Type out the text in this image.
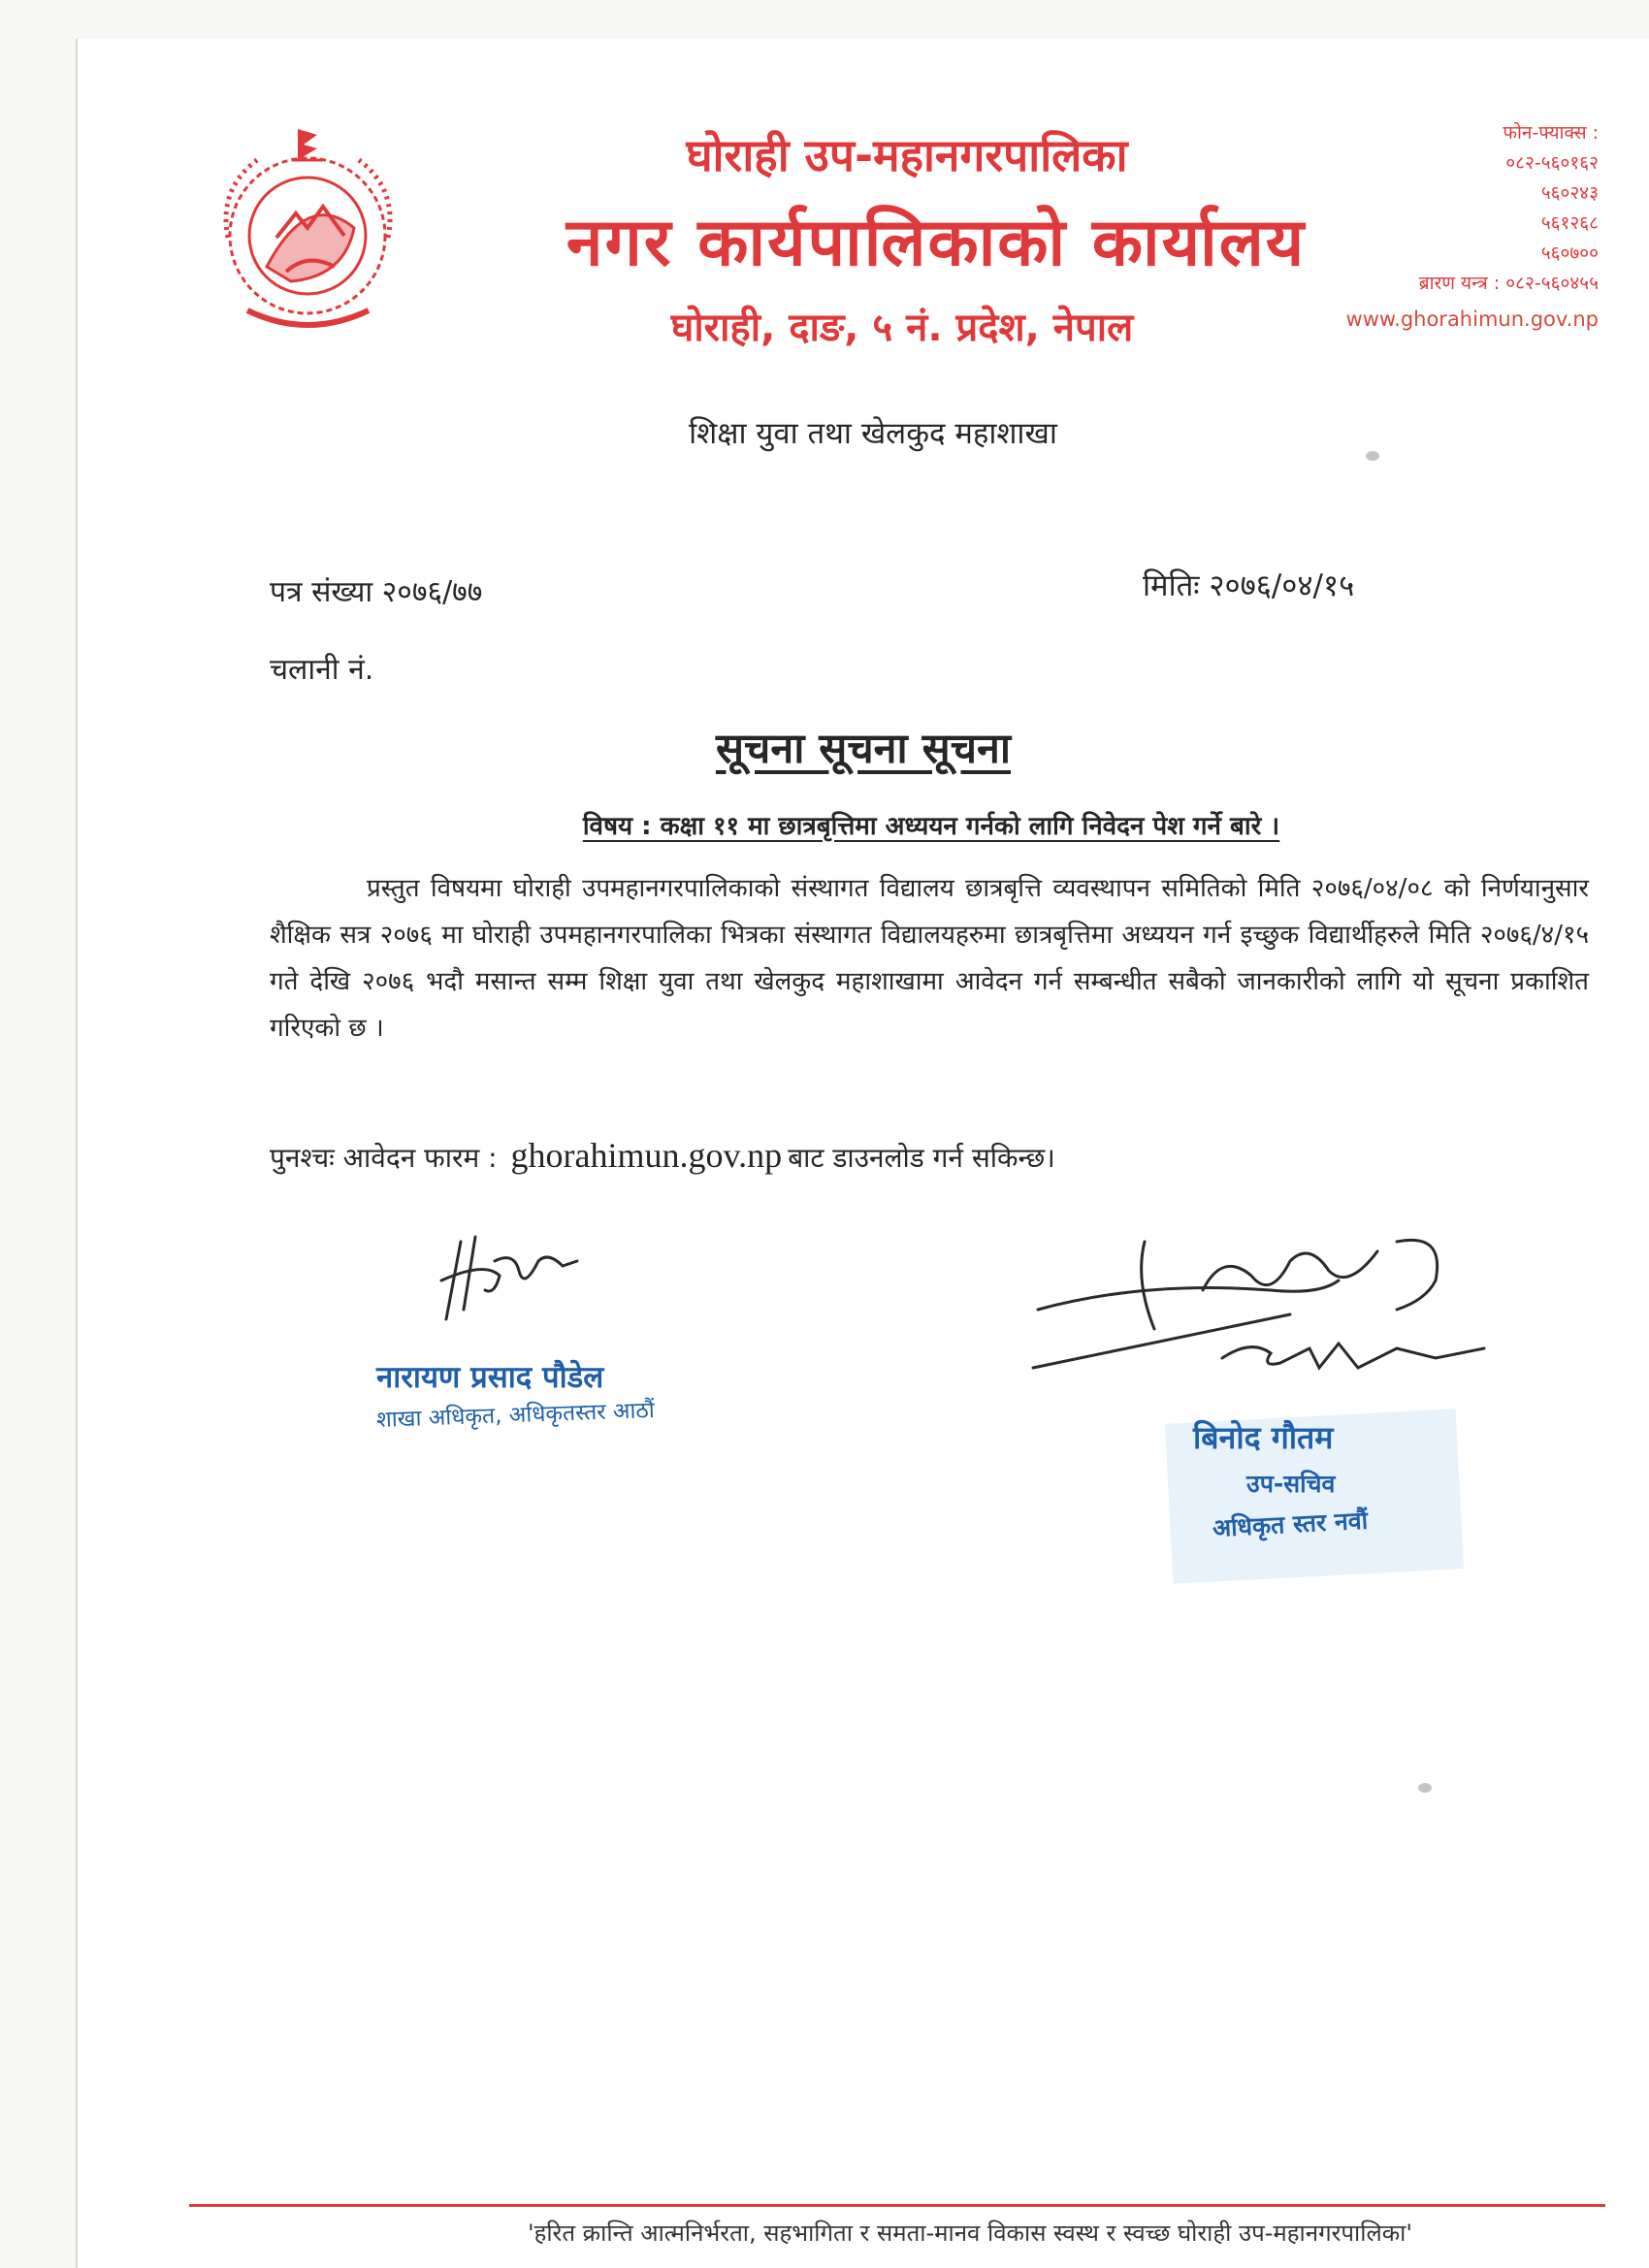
घोराही उप-महानगरपालिका
नगर कार्यपालिकाको कार्यालय
घोराही, दाङ, ५ नं. प्रदेश, नेपाल
फोन-फ्याक्स :
०८२-५६०१६२
५६०२४३
५६१२६८
५६०७००
ब्रारण यन्त्र : ०८२-५६०४५५
www.ghorahimun.gov.np
शिक्षा युवा तथा खेलकुद महाशाखा
पत्र संख्या २०७६/७७	मितिः २०७६/०४/१५
चलानी नं.
सूचना सूचना सूचना
विषय : कक्षा ११ मा छात्रबृत्तिमा अध्ययन गर्नको लागि निवेदन पेश गर्ने बारे ।
प्रस्तुत विषयमा घोराही उपमहानगरपालिकाको संस्थागत विद्यालय छात्रबृत्ति व्यवस्थापन समितिको मिति २०७६/०४/०८ को निर्णयानुसार शैक्षिक सत्र २०७६ मा घोराही उपमहानगरपालिका भित्रका संस्थागत विद्यालयहरुमा छात्रबृत्तिमा अध्ययन गर्न इच्छुक विद्यार्थीहरुले मिति २०७६/४/१५ गते देखि २०७६ भदौ मसान्त सम्म शिक्षा युवा तथा खेलकुद महाशाखामा आवेदन गर्न सम्बन्धीत सबैको जानकारीको लागि यो सूचना प्रकाशित गरिएको छ ।
पुनश्चः आवेदन फारम : ghorahimun.gov.np बाट डाउनलोड गर्न सकिन्छ।
नारायण प्रसाद पौडेल
शाखा अधिकृत, अधिकृतस्तर आठौं
बिनोद गौतम
उप-सचिव
अधिकृत स्तर नवौं
'हरित क्रान्ति आत्मनिर्भरता, सहभागिता र समता-मानव विकास स्वस्थ र स्वच्छ घोराही उप-महानगरपालिका'
